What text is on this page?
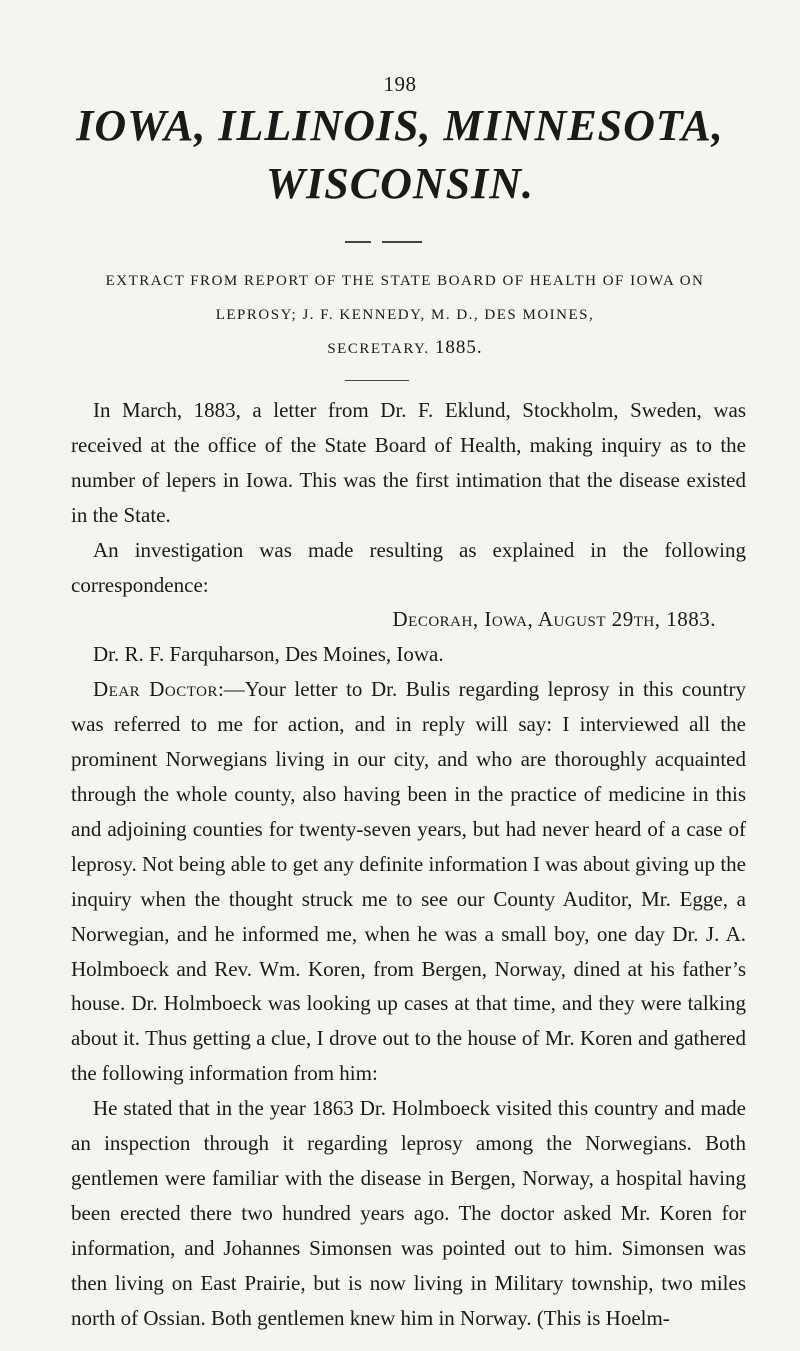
198
IOWA, ILLINOIS, MINNESOTA,
WISCONSIN.
EXTRACT FROM REPORT OF THE STATE BOARD OF HEALTH OF IOWA ON
LEPROSY; J. F. KENNEDY, M. D., DES MOINES,
SECRETARY. 1885.

In March, 1883, a letter from Dr. F. Eklund, Stockholm, Sweden, was received at the office of the State Board of Health, making inquiry as to the number of lepers in Iowa. This was the first intimation that the disease existed in the State.

An investigation was made resulting as explained in the following correspondence:

Decorah, Iowa, August 29th, 1883.

Dr. R. F. Farquharson, Des Moines, Iowa.

Dear Doctor:—Your letter to Dr. Bulis regarding leprosy in this country was referred to me for action, and in reply will say: I interviewed all the prominent Norwegians living in our city, and who are thoroughly acquainted through the whole county, also having been in the practice of medicine in this and adjoining counties for twenty-seven years, but had never heard of a case of leprosy. Not being able to get any definite information I was about giving up the inquiry when the thought struck me to see our County Auditor, Mr. Egge, a Norwegian, and he informed me, when he was a small boy, one day Dr. J. A. Holmboeck and Rev. Wm. Koren, from Bergen, Norway, dined at his father’s house. Dr. Holmboeck was looking up cases at that time, and they were talking about it. Thus getting a clue, I drove out to the house of Mr. Koren and gathered the following information from him:

He stated that in the year 1863 Dr. Holmboeck visited this country and made an inspection through it regarding leprosy among the Norwegians. Both gentlemen were familiar with the disease in Bergen, Norway, a hospital having been erected there two hundred years ago. The doctor asked Mr. Koren for information, and Johannes Simonsen was pointed out to him. Simonsen was then living on East Prairie, but is now living in Military township, two miles north of Ossian. Both gentlemen knew him in Norway. (This is Hoelm-
